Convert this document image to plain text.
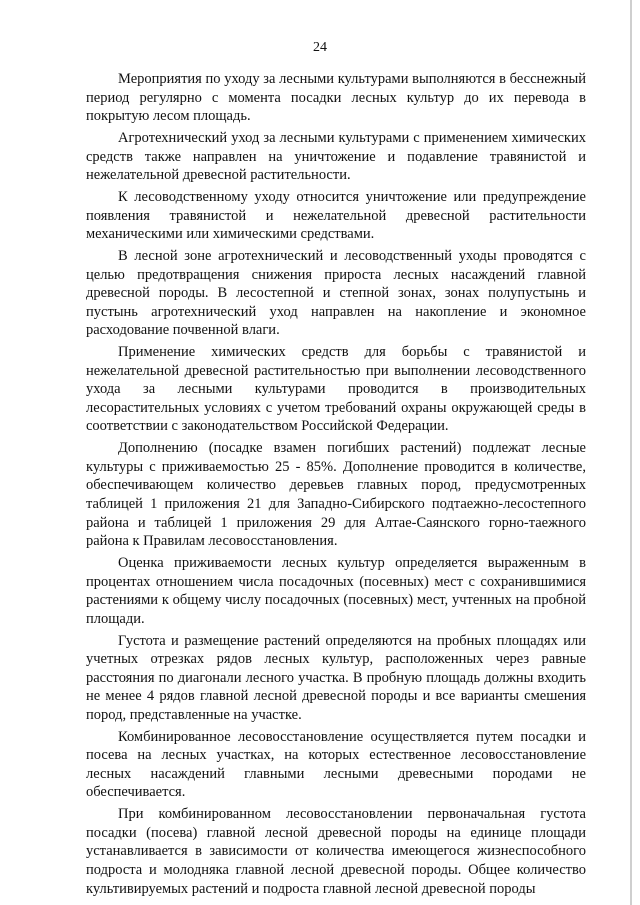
24

Мероприятия по уходу за лесными культурами выполняются в бесснежный период регулярно с момента посадки лесных культур до их перевода в покрытую лесом площадь.

Агротехнический уход за лесными культурами с применением химических средств также направлен на уничтожение и подавление травянистой и нежелательной древесной растительности.

К лесоводственному уходу относится уничтожение или предупреждение появления травянистой и нежелательной древесной растительности механическими или химическими средствами.

В лесной зоне агротехнический и лесоводственный уходы проводятся с целью предотвращения снижения прироста лесных насаждений главной древесной породы. В лесостепной и степной зонах, зонах полупустынь и пустынь агротехнический уход направлен на накопление и экономное расходование почвенной влаги.

Применение химических средств для борьбы с травянистой и нежелательной древесной растительностью при выполнении лесоводственного ухода за лесными культурами проводится в производительных лесорастительных условиях с учетом требований охраны окружающей среды в соответствии с законодательством Российской Федерации.

Дополнению (посадке взамен погибших растений) подлежат лесные культуры с приживаемостью 25 - 85%. Дополнение проводится в количестве, обеспечивающем количество деревьев главных пород, предусмотренных таблицей 1 приложения 21 для Западно-Сибирского подтаежно-лесостепного района и таблицей 1 приложения 29 для Алтае-Саянского горно-таежного района к Правилам лесовосстановления.

Оценка приживаемости лесных культур определяется выраженным в процентах отношением числа посадочных (посевных) мест с сохранившимися растениями к общему числу посадочных (посевных) мест, учтенных на пробной площади.

Густота и размещение растений определяются на пробных площадях или учетных отрезках рядов лесных культур, расположенных через равные расстояния по диагонали лесного участка. В пробную площадь должны входить не менее 4 рядов главной лесной древесной породы и все варианты смешения пород, представленные на участке.

Комбинированное лесовосстановление осуществляется путем посадки и посева на лесных участках, на которых естественное лесовосстановление лесных насаждений главными лесными древесными породами не обеспечивается.

При комбинированном лесовосстановлении первоначальная густота посадки (посева) главной лесной древесной породы на единице площади устанавливается в зависимости от количества имеющегося жизнеспособного подроста и молодняка главной лесной древесной породы. Общее количество культивируемых растений и подроста главной лесной древесной породы
